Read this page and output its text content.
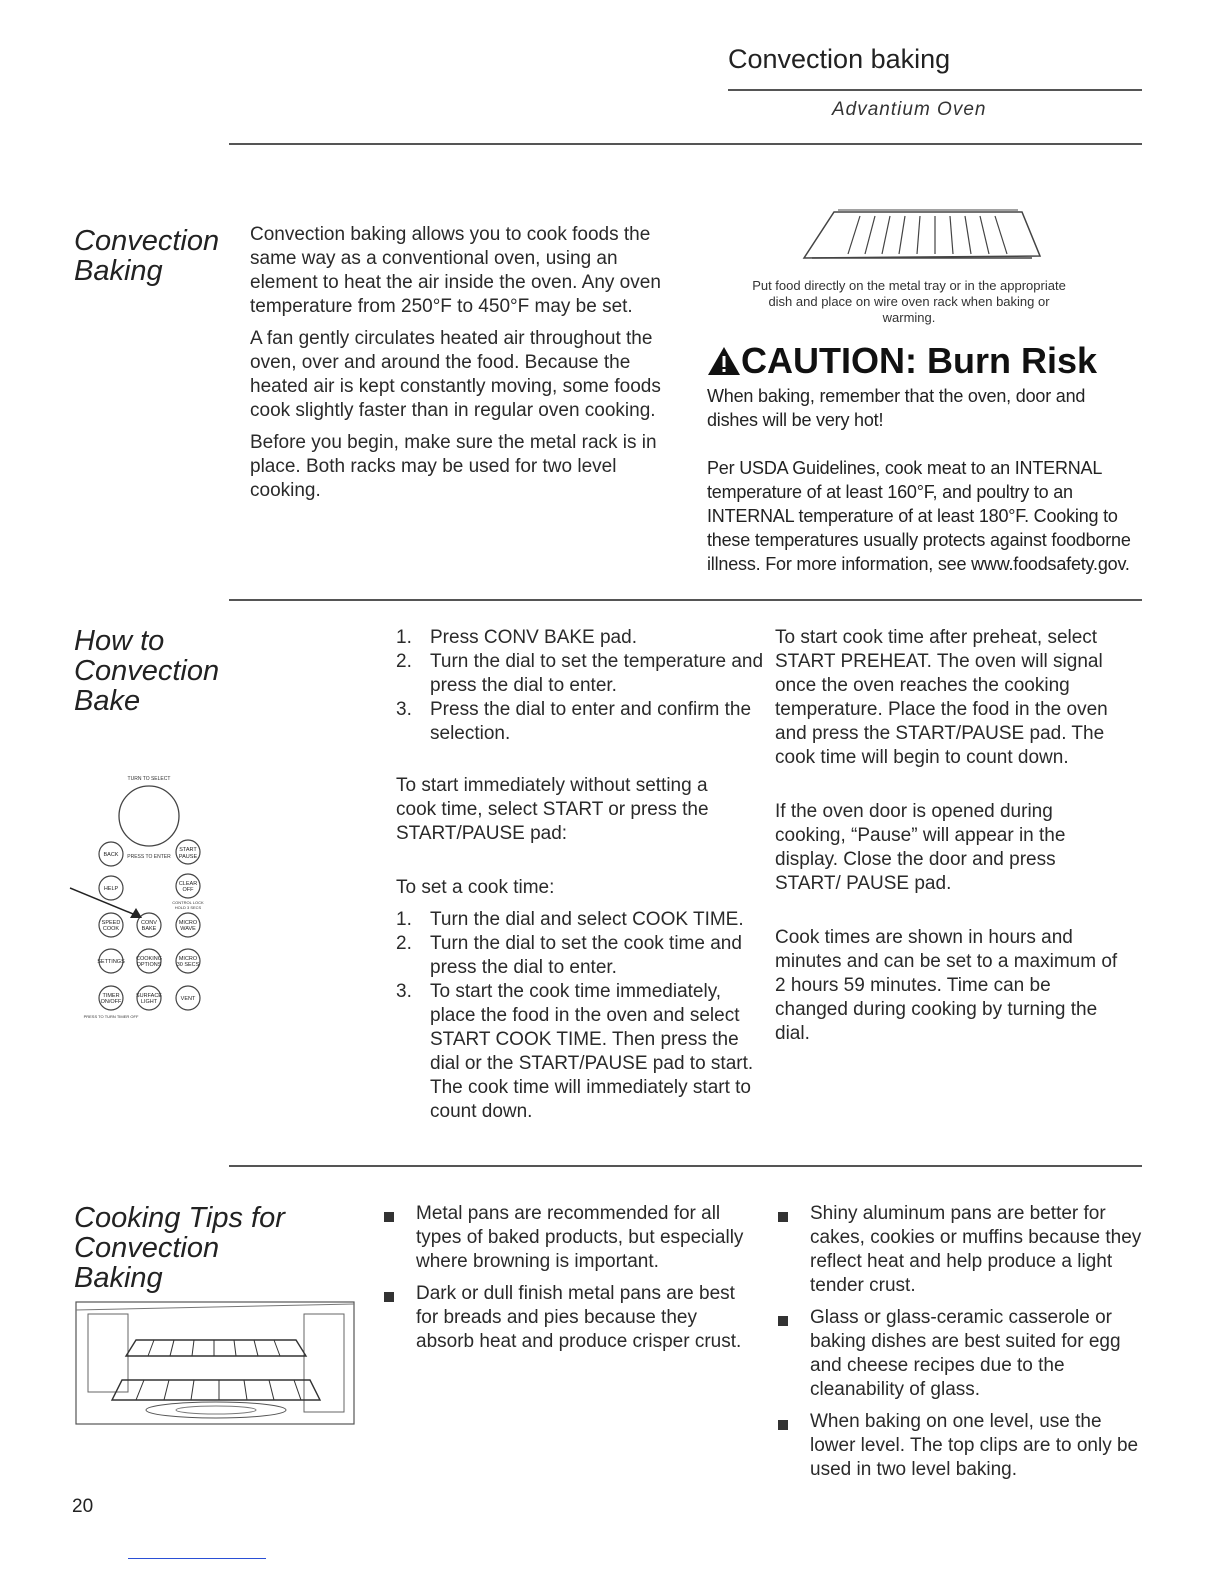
Convection baking
Advantium Oven
Convection Baking

Convection baking allows you to cook foods the same way as a conventional oven, using an element to heat the air inside the oven. Any oven temperature from 250°F to 450°F may be set.

A fan gently circulates heated air throughout the oven, over and around the food. Because the heated air is kept constantly moving, some foods cook slightly faster than in regular oven cooking.

Before you begin, make sure the metal rack is in place. Both racks may be used for two level cooking.

Put food directly on the metal tray or in the appropriate dish and place on wire oven rack when baking or warming.
CAUTION: Burn Risk
When baking, remember that the oven, door and dishes will be very hot!
Per USDA Guidelines, cook meat to an INTERNAL temperature of at least 160°F, and poultry to an INTERNAL temperature of at least 180°F. Cooking to these temperatures usually protects against foodborne illness. For more information, see www.foodsafety.gov.
How to Convection Bake
1. Press CONV BAKE pad.
2. Turn the dial to set the temperature and press the dial to enter.
3. Press the dial to enter and confirm the selection.

To start immediately without setting a cook time, select START or press the START/PAUSE pad:

To set a cook time:

1. Turn the dial and select COOK TIME.
2. Turn the dial to set the cook time and press the dial to enter.
3. To start the cook time immediately, place the food in the oven and select START COOK TIME. Then press the dial or the START/PAUSE pad to start. The cook time will immediately start to count down.

To start cook time after preheat, select START PREHEAT. The oven will signal once the oven reaches the cooking temperature. Place the food in the oven and press the START/PAUSE pad. The cook time will begin to count down.

If the oven door is opened during cooking, “Pause” will appear in the display. Close the door and press START/ PAUSE pad.

Cook times are shown in hours and minutes and can be set to a maximum of 2 hours 59 minutes. Time can be changed during cooking by turning the dial.

TURN TO SELECT
PRESS TO ENTER
BACK
START
PAUSE
HELP
CLEAR
OFF
SPEED
COOK
CONV
BAKE
MICRO
WAVE
SETTINGS COOKING
OPTIONS
MICRO
30 SECS
TIMER
ON/OFF
SURFACE
LIGHT	VENT
CONTROL LOCK
HOLD 3 SECS
PRESS TO TURN TIMER OFF
Cooking Tips for Convection Baking
Metal pans are recommended for all types of baked products, but especially where browning is important.
Dark or dull finish metal pans are best for breads and pies because they absorb heat and produce crisper crust.
Shiny aluminum pans are better for cakes, cookies or muffins because they reflect heat and help produce a light tender crust.
Glass or glass-ceramic casserole or baking dishes are best suited for egg and cheese recipes due to the cleanability of glass.
When baking on one level, use the lower level. The top clips are to only be used in two level baking.
20
